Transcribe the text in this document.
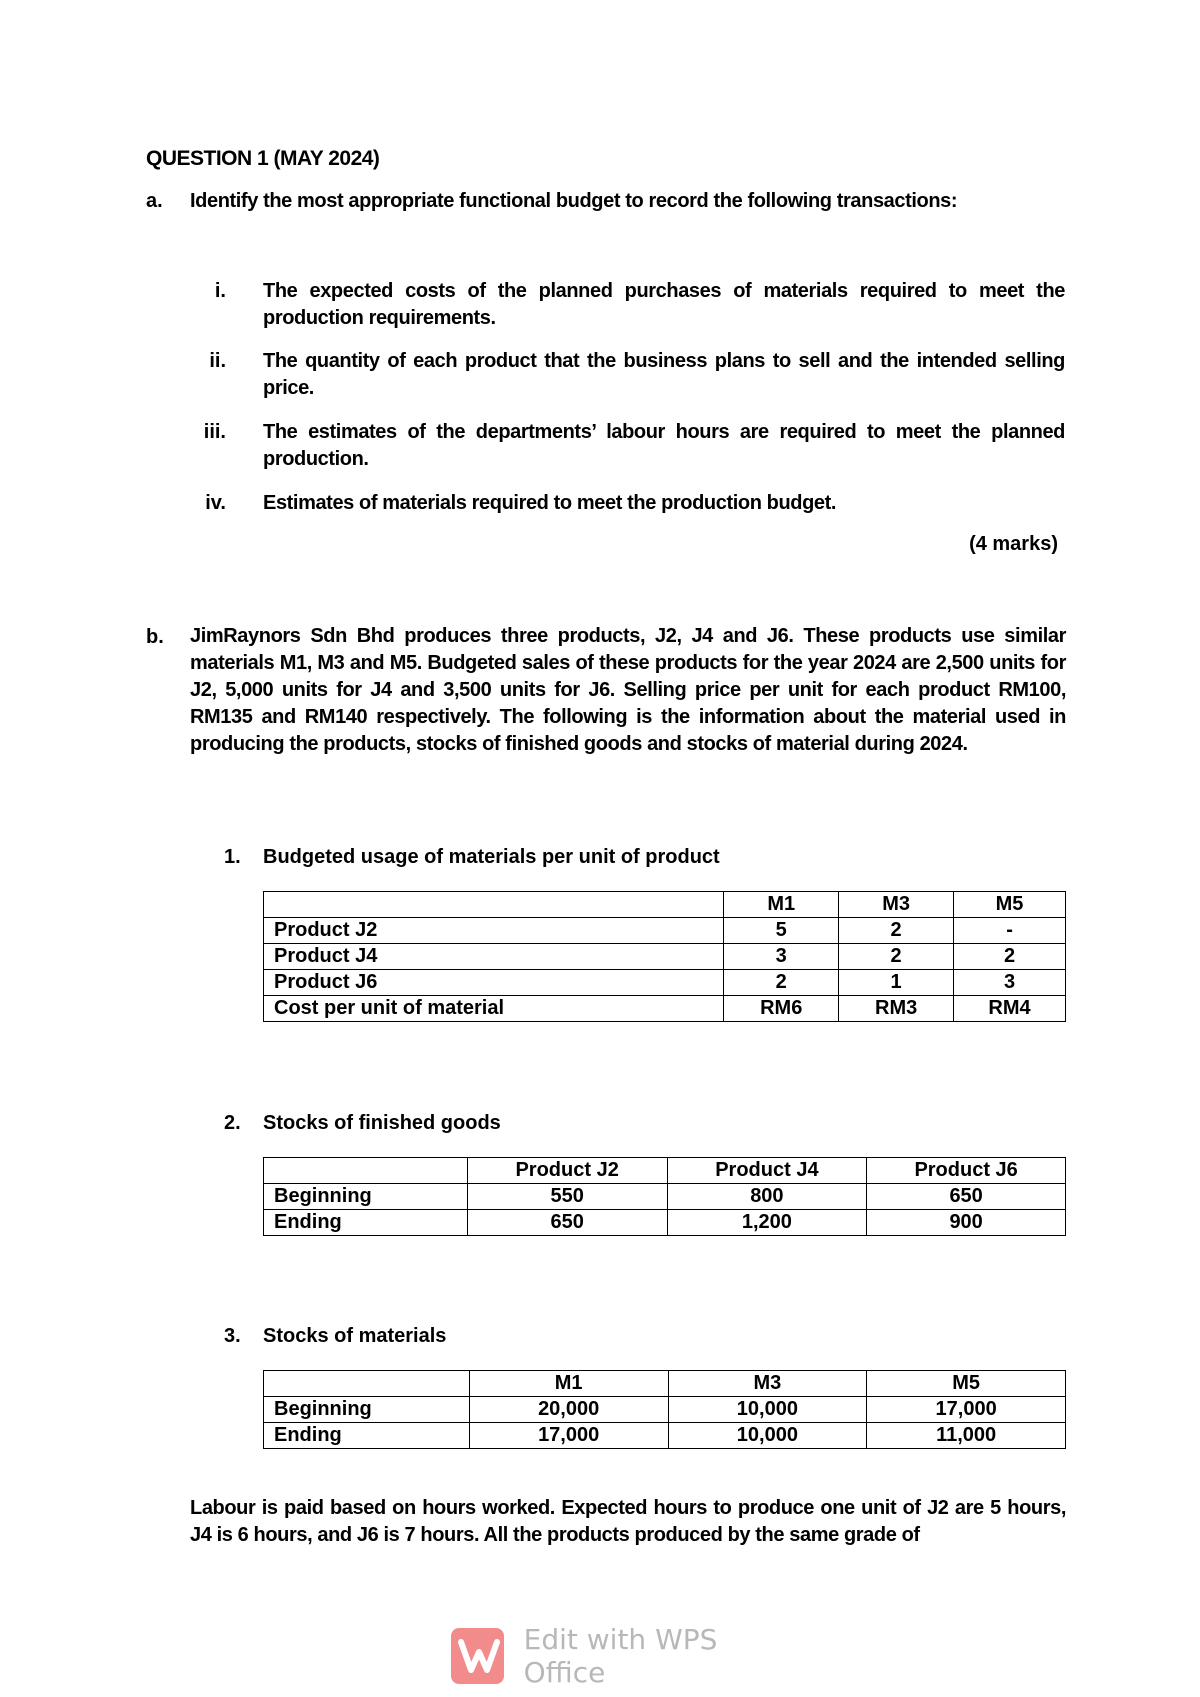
QUESTION 1 (MAY 2024)
a. Identify the most appropriate functional budget to record the following transactions:
i. The expected costs of the planned purchases of materials required to meet the production requirements.
ii. The quantity of each product that the business plans to sell and the intended selling price.
iii. The estimates of the departments’ labour hours are required to meet the planned production.
iv. Estimates of materials required to meet the production budget.
(4 marks)
b. JimRaynors Sdn Bhd produces three products, J2, J4 and J6. These products use similar materials M1, M3 and M5. Budgeted sales of these products for the year 2024 are 2,500 units for J2, 5,000 units for J4 and 3,500 units for J6. Selling price per unit for each product RM100, RM135 and RM140 respectively. The following is the information about the material used in producing the products, stocks of finished goods and stocks of material during 2024.
1. Budgeted usage of materials per unit of product
	M1	M3	M5
Product J2	5	2	-
Product J4	3	2	2
Product J6	2	1	3
Cost per unit of material	RM6	RM3	RM4
2. Stocks of finished goods
	Product J2	Product J4	Product J6
Beginning	550	800	650
Ending	650	1,200	900
3. Stocks of materials
	M1	M3	M5
Beginning	20,000	10,000	17,000
Ending	17,000	10,000	11,000
Labour is paid based on hours worked. Expected hours to produce one unit of J2 are 5 hours, J4 is 6 hours, and J6 is 7 hours. All the products produced by the same grade of
Edit with WPS Office
